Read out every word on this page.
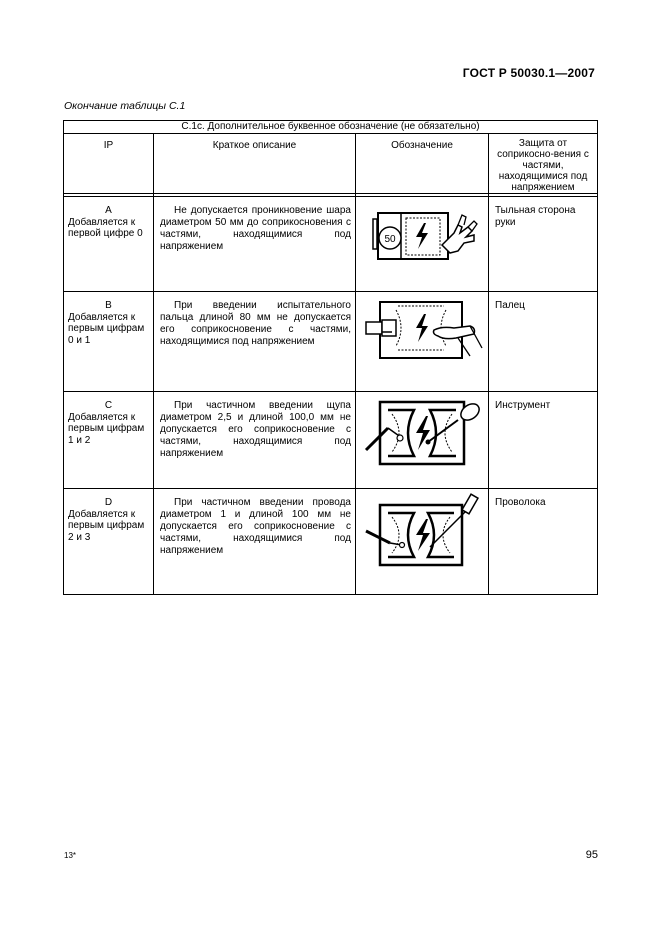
ГОСТ Р 50030.1—2007
Окончание таблицы С.1
С.1с. Дополнительное буквенное обозначение (не обязательно)			
IP	Краткое описание	Обозначение	Защита от соприкосно-вения с частями, находящимися под напряжением

A
Добавляется к первой цифре 0	Не допускается проникновение шара диаметром 50 мм до соприкосновения с частями, находящимися под напряжением	50	Тыльная сторона руки

B
Добавляется к первым цифрам 0 и 1	При введении испытательного пальца длиной 80 мм не допускается его соприкосновение с частями, находящимися под напряжением		Палец

C
Добавляется к первым цифрам 1 и 2	При частичном введении щупа диаметром 2,5 и длиной 100,0 мм не допускается его соприкосновение с частями, находящимися под напряжением		Инструмент

D
Добавляется к первым цифрам 2 и 3	При частичном введении провода диаметром 1 и длиной 100 мм не допускается его соприкосновение с частями, находящимися под напряжением		Проволока
13*	95
